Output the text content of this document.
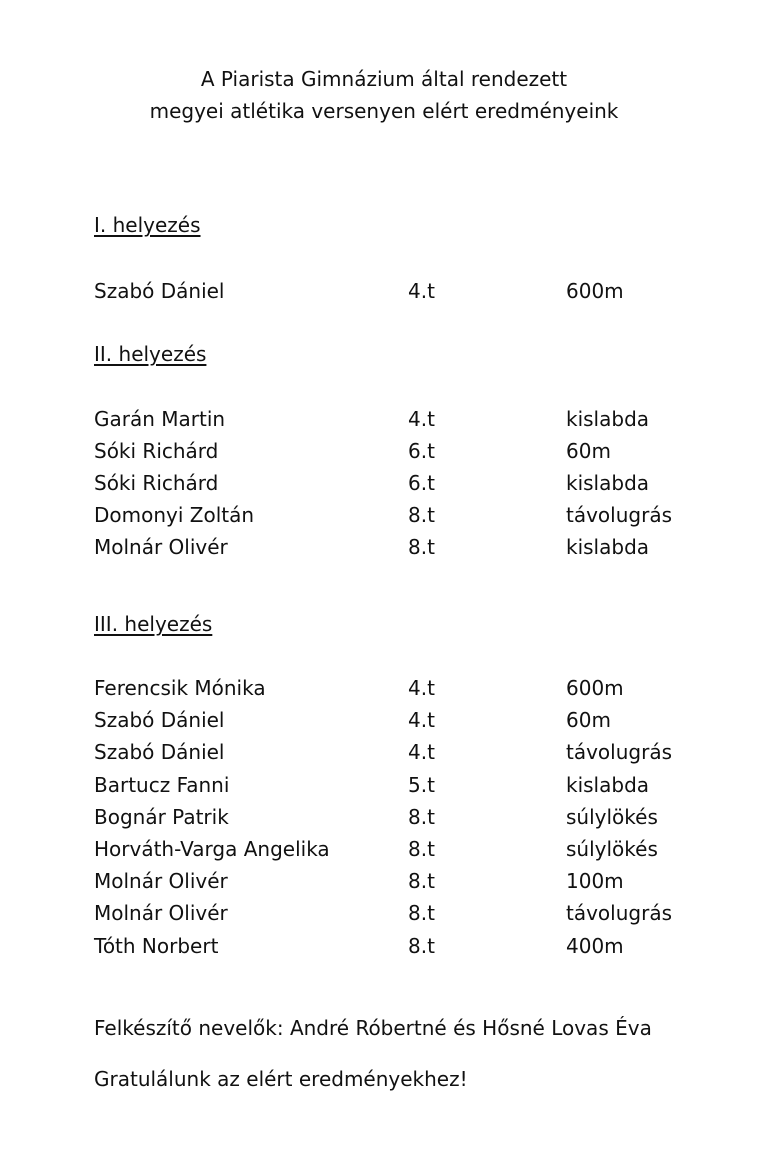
A Piarista Gimnázium által rendezett
megyei atlétika versenyen elért eredményeink
I. helyezés
Szabó Dániel	4.t	600m
II. helyezés
Garán Martin	4.t	kislabda
Sóki Richárd	6.t	60m
Sóki Richárd	6.t	kislabda
Domonyi Zoltán	8.t	távolugrás
Molnár Olivér	8.t	kislabda
III. helyezés
Ferencsik Mónika	4.t	600m
Szabó Dániel	4.t	60m
Szabó Dániel	4.t	távolugrás
Bartucz Fanni	5.t	kislabda
Bognár Patrik	8.t	súlylökés
Horváth-Varga Angelika	8.t	súlylökés
Molnár Olivér	8.t	100m
Molnár Olivér	8.t	távolugrás
Tóth Norbert	8.t	400m
Felkészítő nevelők: André Róbertné és Hősné Lovas Éva
Gratulálunk az elért eredményekhez!
